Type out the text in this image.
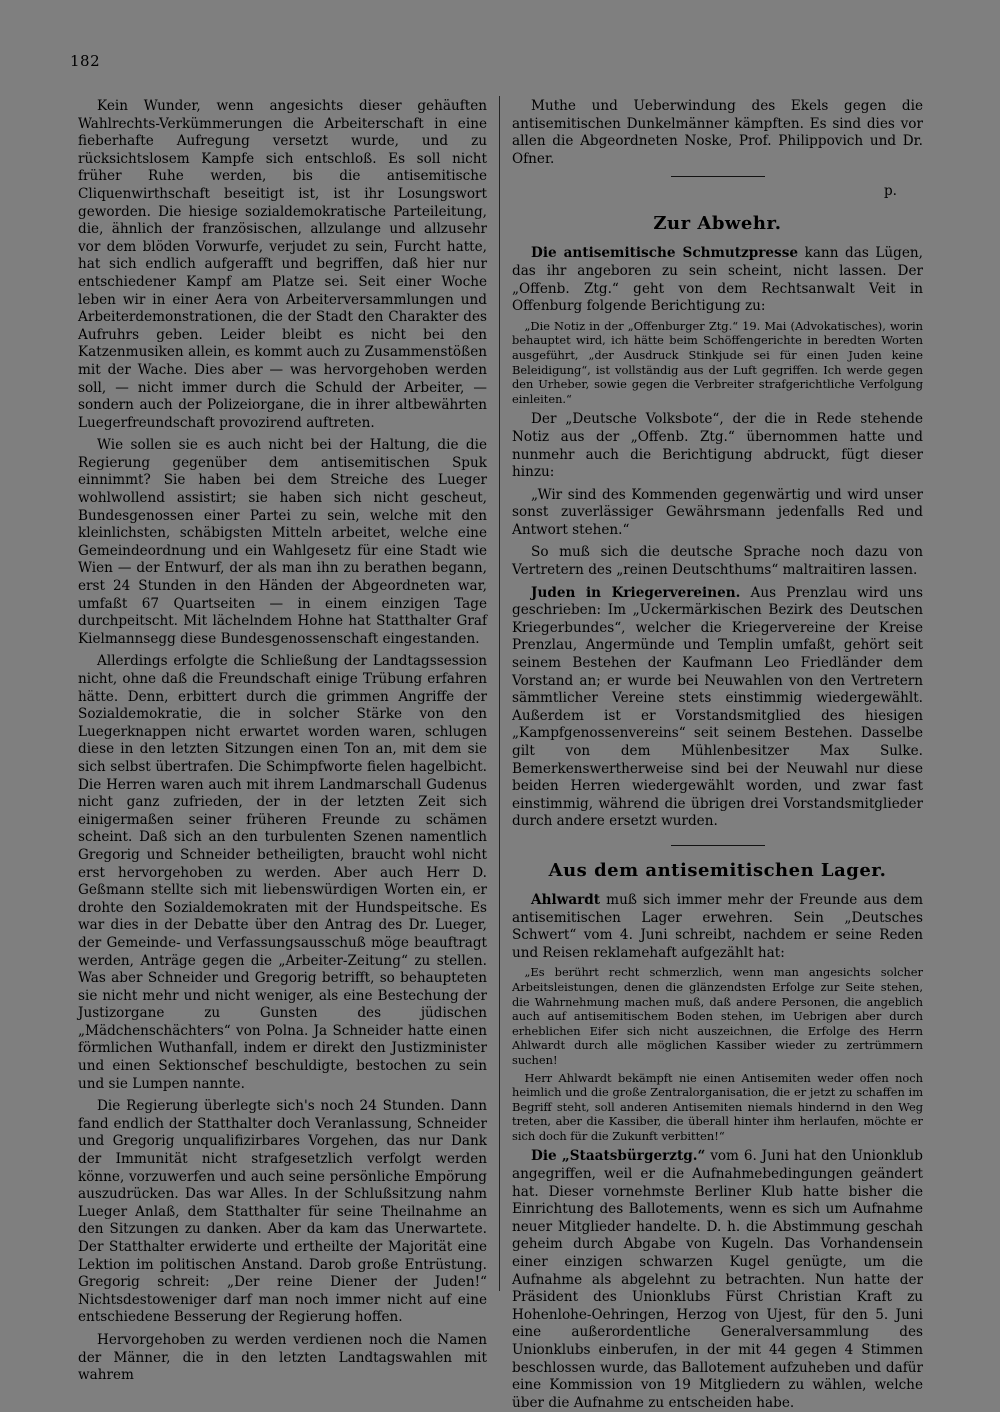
182

Kein Wunder, wenn angesichts dieser gehäuften Wahlrechts-Verkümmerungen die Arbeiterschaft in eine fieberhafte Aufregung versetzt wurde, und zu rücksichtslosem Kampfe sich entschloß. Es soll nicht früher Ruhe werden, bis die antisemitische Cliquenwirthschaft beseitigt ist, ist ihr Losungswort geworden. Die hiesige sozialdemokratische Parteileitung, die, ähnlich der französischen, allzulange und allzusehr vor dem blöden Vorwurfe, verjudet zu sein, Furcht hatte, hat sich endlich aufgerafft und begriffen, daß hier nur entschiedener Kampf am Platze sei. Seit einer Woche leben wir in einer Aera von Arbeiterversammlungen und Arbeiterdemonstrationen, die der Stadt den Charakter des Aufruhrs geben. Leider bleibt es nicht bei den Katzenmusiken allein, es kommt auch zu Zusammenstößen mit der Wache. Dies aber — was hervorgehoben werden soll, — nicht immer durch die Schuld der Arbeiter, — sondern auch der Polizeiorgane, die in ihrer altbewährten Luegerfreundschaft provozirend auftreten.

Wie sollen sie es auch nicht bei der Haltung, die die Regierung gegenüber dem antisemitischen Spuk einnimmt? Sie haben bei dem Streiche des Lueger wohlwollend assistirt; sie haben sich nicht gescheut, Bundesgenossen einer Partei zu sein, welche mit den kleinlichsten, schäbigsten Mitteln arbeitet, welche eine Gemeindeordnung und ein Wahlgesetz für eine Stadt wie Wien — der Entwurf, der als man ihn zu berathen begann, erst 24 Stunden in den Händen der Abgeordneten war, umfaßt 67 Quartseiten — in einem einzigen Tage durchpeitscht. Mit lächelndem Hohne hat Statthalter Graf Kielmannsegg diese Bundesgenossenschaft eingestanden.

Allerdings erfolgte die Schließung der Landtagssession nicht, ohne daß die Freundschaft einige Trübung erfahren hätte. Denn, erbittert durch die grimmen Angriffe der Sozialdemokratie, die in solcher Stärke von den Luegerknappen nicht erwartet worden waren, schlugen diese in den letzten Sitzungen einen Ton an, mit dem sie sich selbst übertrafen. Die Schimpfworte fielen hagelbicht. Die Herren waren auch mit ihrem Landmarschall Gudenus nicht ganz zufrieden, der in der letzten Zeit sich einigermaßen seiner früheren Freunde zu schämen scheint. Daß sich an den turbulenten Szenen namentlich Gregorig und Schneider betheiligten, braucht wohl nicht erst hervorgehoben zu werden. Aber auch Herr D. Geßmann stellte sich mit liebenswürdigen Worten ein, er drohte den Sozialdemokraten mit der Hundspeitsche. Es war dies in der Debatte über den Antrag des Dr. Lueger, der Gemeinde- und Verfassungsausschuß möge beauftragt werden, Anträge gegen die „Arbeiter-Zeitung“ zu stellen. Was aber Schneider und Gregorig betrifft, so behaupteten sie nicht mehr und nicht weniger, als eine Bestechung der Justizorgane zu Gunsten des jüdischen „Mädchenschächters“ von Polna. Ja Schneider hatte einen förmlichen Wuthanfall, indem er direkt den Justizminister und einen Sektionschef beschuldigte, bestochen zu sein und sie Lumpen nannte.

Die Regierung überlegte sich's noch 24 Stunden. Dann fand endlich der Statthalter doch Veranlassung, Schneider und Gregorig unqualifizirbares Vorgehen, das nur Dank der Immunität nicht strafgesetzlich verfolgt werden könne, vorzuwerfen und auch seine persönliche Empörung auszudrücken. Das war Alles. In der Schlußsitzung nahm Lueger Anlaß, dem Statthalter für seine Theilnahme an den Sitzungen zu danken. Aber da kam das Unerwartete. Der Statthalter erwiderte und ertheilte der Majorität eine Lektion im politischen Anstand. Darob große Entrüstung. Gregorig schreit: „Der reine Diener der Juden!“ Nichtsdestoweniger darf man noch immer nicht auf eine entschiedene Besserung der Regierung hoffen.

Hervorgehoben zu werden verdienen noch die Namen der Männer, die in den letzten Landtagswahlen mit wahrem

Muthe und Ueberwindung des Ekels gegen die antisemitischen Dunkelmänner kämpften. Es sind dies vor allen die Abgeordneten Noske, Prof. Philippovich und Dr. Ofner.

p.
Zur Abwehr.

Die antisemitische Schmutzpresse kann das Lügen, das ihr angeboren zu sein scheint, nicht lassen. Der „Offenb. Ztg.“ geht von dem Rechtsanwalt Veit in Offenburg folgende Berichtigung zu:

„Die Notiz in der „Offenburger Ztg.“ 19. Mai (Advokatisches), worin behauptet wird, ich hätte beim Schöffengerichte in beredten Worten ausgeführt, „der Ausdruck Stinkjude sei für einen Juden keine Beleidigung“, ist vollständig aus der Luft gegriffen. Ich werde gegen den Urheber, sowie gegen die Verbreiter strafgerichtliche Verfolgung einleiten.“

Der „Deutsche Volksbote“, der die in Rede stehende Notiz aus der „Offenb. Ztg.“ übernommen hatte und nunmehr auch die Berichtigung abdruckt, fügt dieser hinzu:

„Wir sind des Kommenden gegenwärtig und wird unser sonst zuverlässiger Gewährsmann jedenfalls Red und Antwort stehen.“

So muß sich die deutsche Sprache noch dazu von Vertretern des „reinen Deutschthums“ maltraitiren lassen.

Juden in Kriegervereinen. Aus Prenzlau wird uns geschrieben: Im „Uckermärkischen Bezirk des Deutschen Kriegerbundes“, welcher die Kriegervereine der Kreise Prenzlau, Angermünde und Templin umfaßt, gehört seit seinem Bestehen der Kaufmann Leo Friedländer dem Vorstand an; er wurde bei Neuwahlen von den Vertretern sämmtlicher Vereine stets einstimmig wiedergewählt. Außerdem ist er Vorstandsmitglied des hiesigen „Kampfgenossenvereins“ seit seinem Bestehen. Dasselbe gilt von dem Mühlenbesitzer Max Sulke. Bemerkenswertherweise sind bei der Neuwahl nur diese beiden Herren wiedergewählt worden, und zwar fast einstimmig, während die übrigen drei Vorstandsmitglieder durch andere ersetzt wurden.

Aus dem antisemitischen Lager.

Ahlwardt muß sich immer mehr der Freunde aus dem antisemitischen Lager erwehren. Sein „Deutsches Schwert“ vom 4. Juni schreibt, nachdem er seine Reden und Reisen reklamehaft aufgezählt hat:

„Es berührt recht schmerzlich, wenn man angesichts solcher Arbeitsleistungen, denen die glänzendsten Erfolge zur Seite stehen, die Wahrnehmung machen muß, daß andere Personen, die angeblich auch auf antisemitischem Boden stehen, im Uebrigen aber durch erheblichen Eifer sich nicht auszeichnen, die Erfolge des Herrn Ahlwardt durch alle möglichen Kassiber wieder zu zertrümmern suchen!

Herr Ahlwardt bekämpft nie einen Antisemiten weder offen noch heimlich und die große Zentralorganisation, die er jetzt zu schaffen im Begriff steht, soll anderen Antisemiten niemals hindernd in den Weg treten, aber die Kassiber, die überall hinter ihm herlaufen, möchte er sich doch für die Zukunft verbitten!“

Die „Staatsbürgerztg.“ vom 6. Juni hat den Unionklub angegriffen, weil er die Aufnahmebedingungen geändert hat. Dieser vornehmste Berliner Klub hatte bisher die Einrichtung des Ballotements, wenn es sich um Aufnahme neuer Mitglieder handelte. D. h. die Abstimmung geschah geheim durch Abgabe von Kugeln. Das Vorhandensein einer einzigen schwarzen Kugel genügte, um die Aufnahme als abgelehnt zu betrachten. Nun hatte der Präsident des Unionklubs Fürst Christian Kraft zu Hohenlohe-Oehringen, Herzog von Ujest, für den 5. Juni eine außerordentliche Generalversammlung des Unionklubs einberufen, in der mit 44 gegen 4 Stimmen beschlossen wurde, das Ballotement aufzuheben und dafür eine Kommission von 19 Mitgliedern zu wählen, welche über die Aufnahme zu entscheiden habe.
